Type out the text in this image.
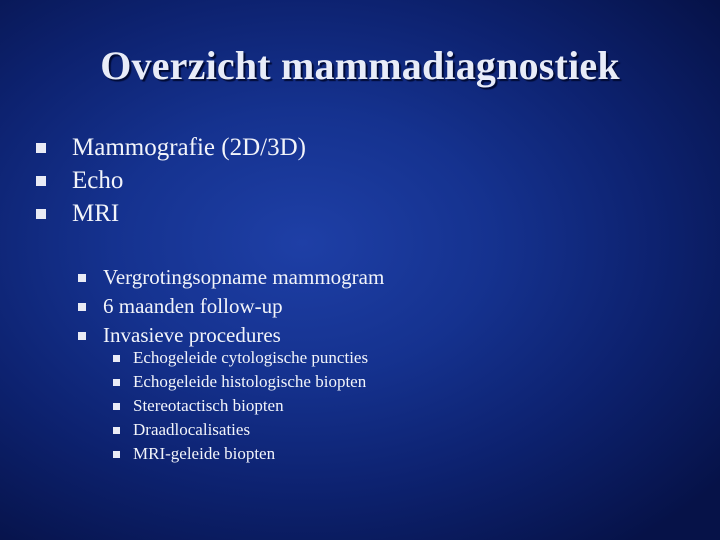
Overzicht mammadiagnostiek
Mammografie (2D/3D)
Echo
MRI
Vergrotingsopname mammogram
6 maanden follow-up
Invasieve procedures
Echogeleide cytologische puncties
Echogeleide histologische biopten
Stereotactisch biopten
Draadlocalisaties
MRI-geleide biopten
